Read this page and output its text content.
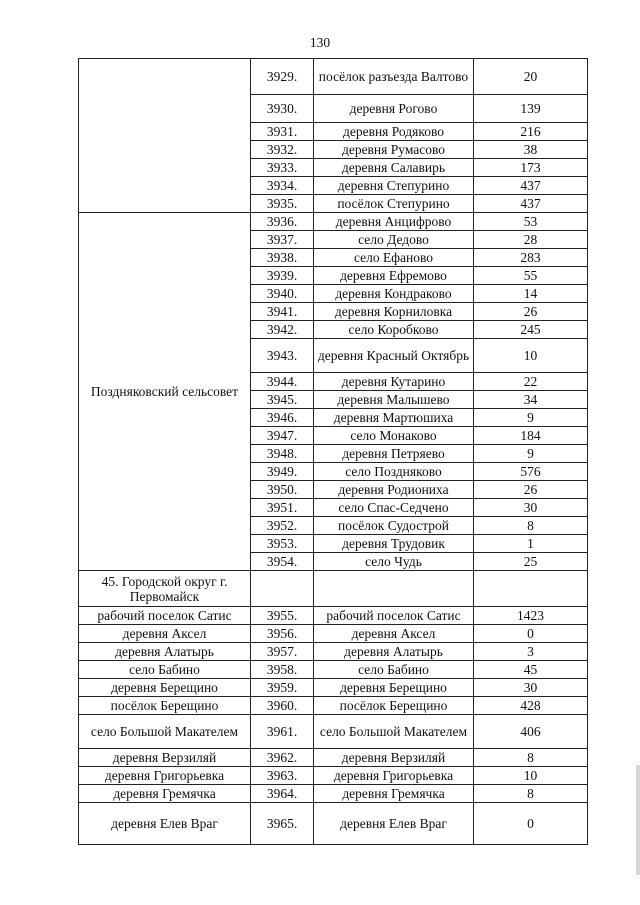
130
	3929.	посёлок разъезда Валтово	20
	3930.	деревня Рогово	139
	3931.	деревня Родяково	216
	3932.	деревня Румасово	38
	3933.	деревня Салавирь	173
	3934.	деревня Степурино	437
	3935.	посёлок Степурино	437
Поздняковский сельсовет	3936.	деревня Анцифрово	53
	3937.	село Дедово	28
	3938.	село Ефаново	283
	3939.	деревня Ефремово	55
	3940.	деревня Кондраково	14
	3941.	деревня Корниловка	26
	3942.	село Коробково	245
	3943.	деревня Красный Октябрь	10
	3944.	деревня Кутарино	22
	3945.	деревня Малышево	34
	3946.	деревня Мартюшиха	9
	3947.	село Монаково	184
	3948.	деревня Петряево	9
	3949.	село Поздняково	576
	3950.	деревня Родиониха	26
	3951.	село Спас-Седчено	30
	3952.	посёлок Судострой	8
	3953.	деревня Трудовик	1
	3954.	село Чудь	25
45. Городской округ г. Первомайск			
рабочий поселок Сатис	3955.	рабочий поселок Сатис	1423
деревня Аксел	3956.	деревня Аксел	0
деревня Алатырь	3957.	деревня Алатырь	3
село Бабино	3958.	село Бабино	45
деревня Берещино	3959.	деревня Берещино	30
посёлок Берещино	3960.	посёлок Берещино	428
село Большой Макателем	3961.	село Большой Макателем	406
деревня Верзиляй	3962.	деревня Верзиляй	8
деревня Григорьевка	3963.	деревня Григорьевка	10
деревня Гремячка	3964.	деревня Гремячка	8
деревня Елев Враг	3965.	деревня Елев Враг	0
